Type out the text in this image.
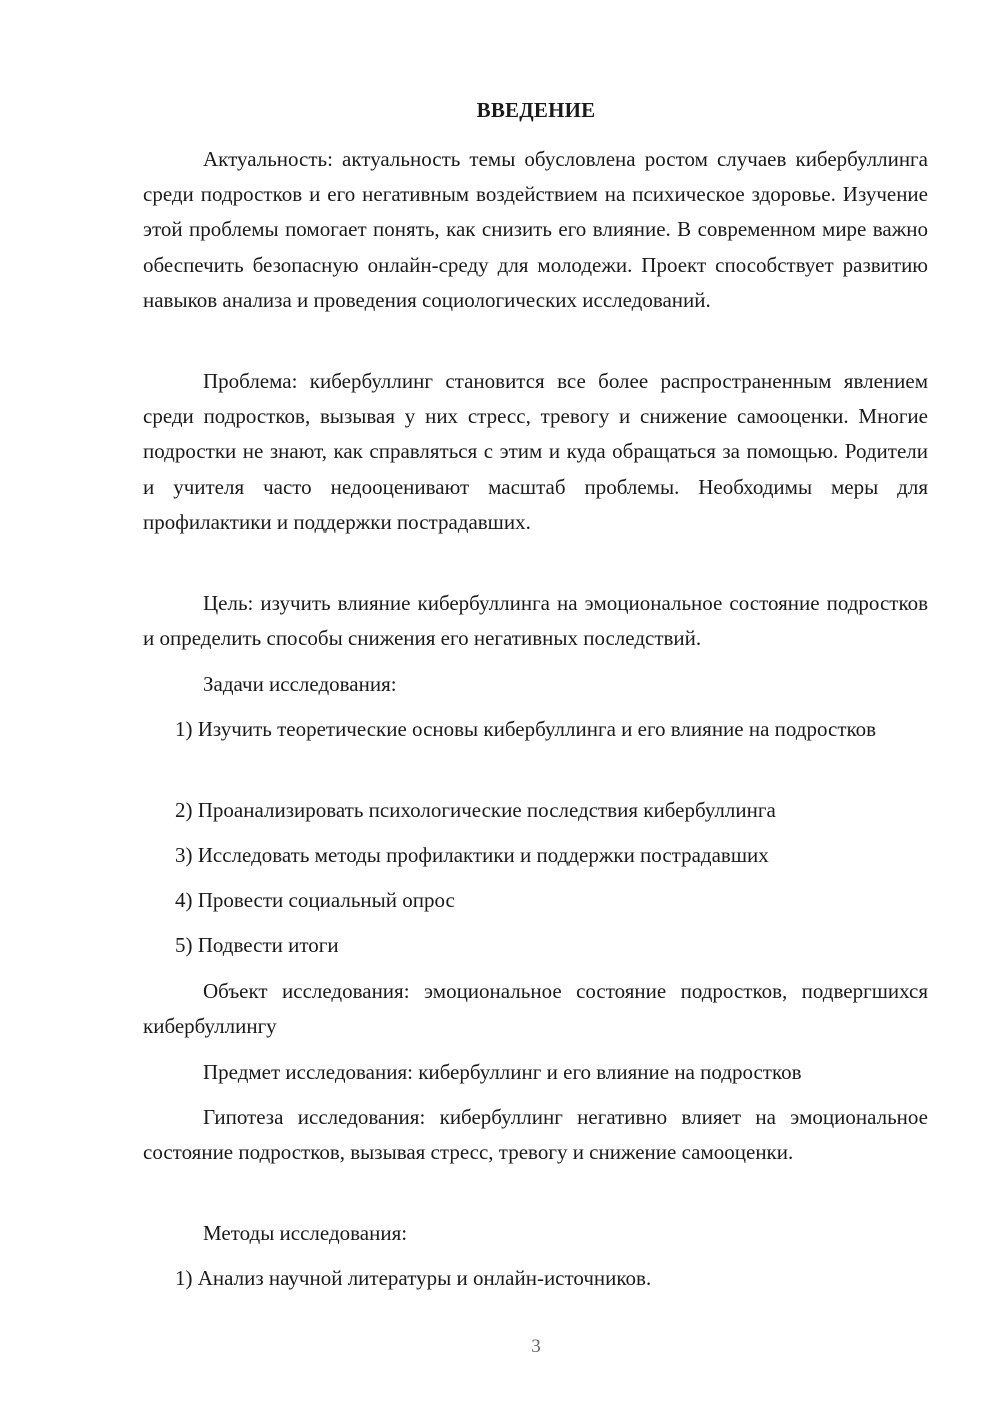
ВВЕДЕНИЕ

Актуальность: актуальность темы обусловлена ростом случаев кибербуллинга среди подростков и его негативным воздействием на психическое здоровье. Изучение этой проблемы помогает понять, как снизить его влияние. В современном мире важно обеспечить безопасную онлайн-среду для молодежи. Проект способствует развитию навыков анализа и проведения социологических исследований.

Проблема: кибербуллинг становится все более распространенным явлением среди подростков, вызывая у них стресс, тревогу и снижение самооценки. Многие подростки не знают, как справляться с этим и куда обращаться за помощью. Родители и учителя часто недооценивают масштаб проблемы. Необходимы меры для профилактики и поддержки пострадавших.

Цель: изучить влияние кибербуллинга на эмоциональное состояние подростков и определить способы снижения его негативных последствий.

Задачи исследования:

1) Изучить теоретические основы кибербуллинга и его влияние на подростков

2) Проанализировать психологические последствия кибербуллинга

3) Исследовать методы профилактики и поддержки пострадавших

4) Провести социальный опрос

5) Подвести итоги

Объект исследования: эмоциональное состояние подростков, подвергшихся кибербуллингу

Предмет исследования: кибербуллинг и его влияние на подростков

Гипотеза исследования: кибербуллинг негативно влияет на эмоциональное состояние подростков, вызывая стресс, тревогу и снижение самооценки.

Методы исследования:

1) Анализ научной литературы и онлайн-источников.

3
